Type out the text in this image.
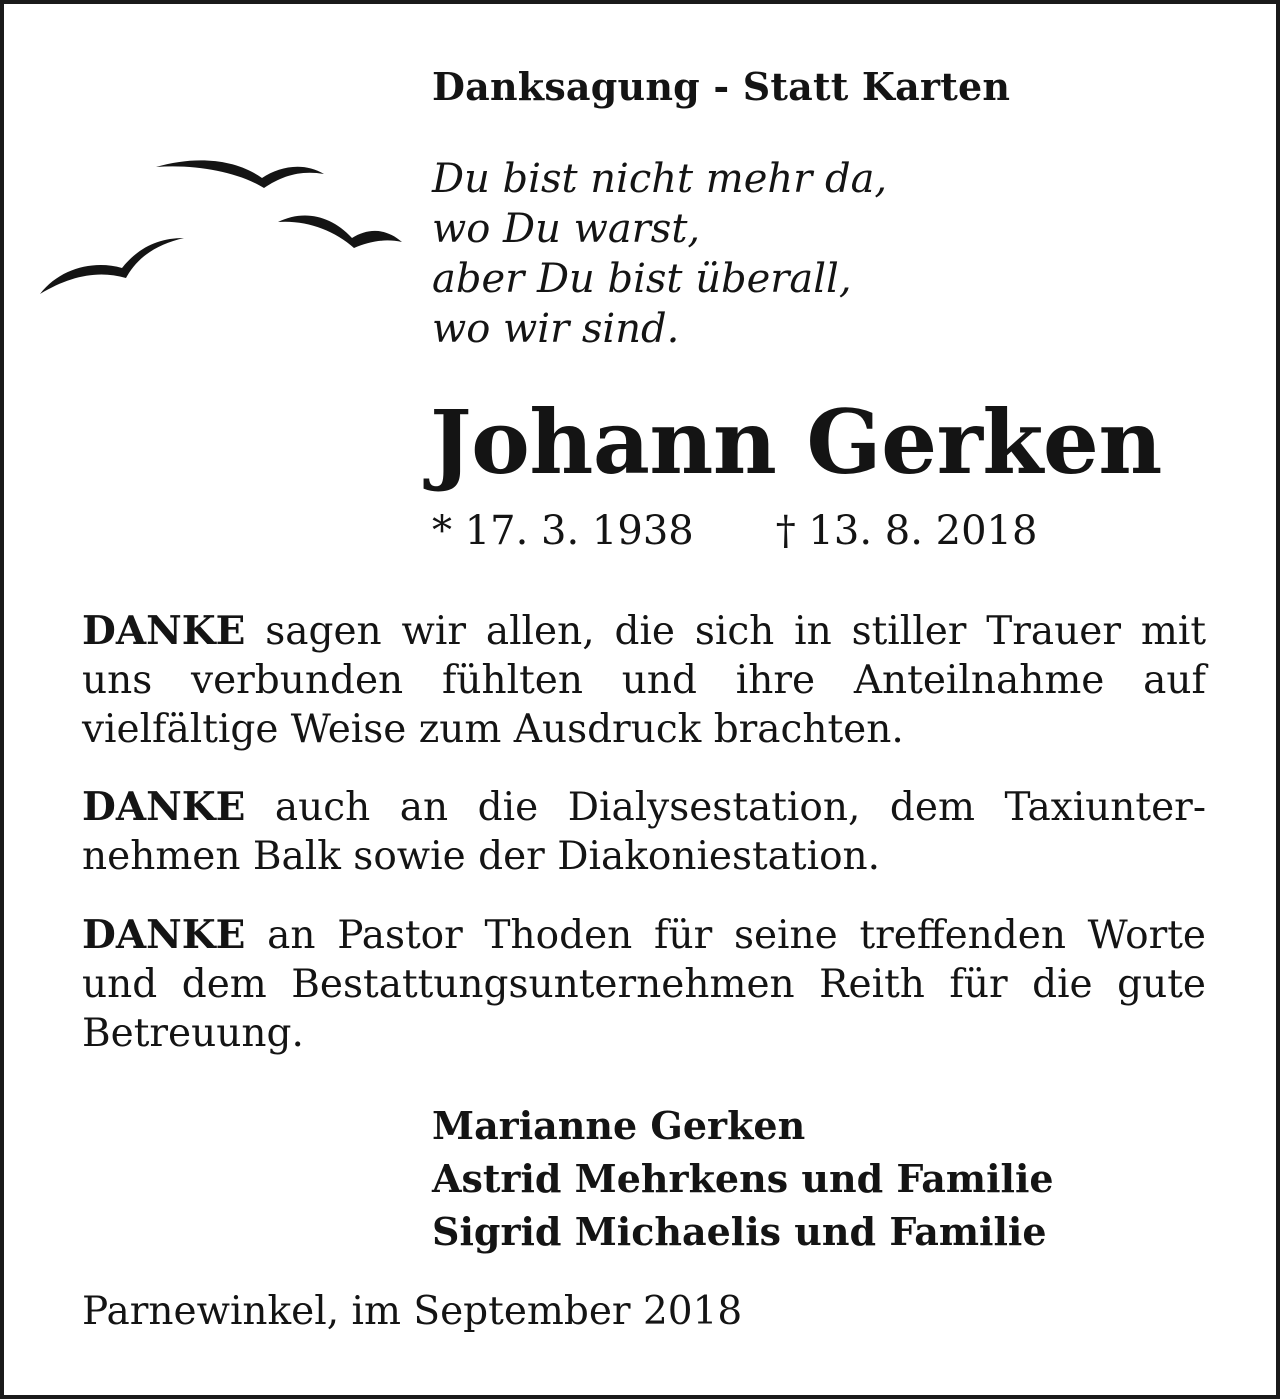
Danksagung - Statt Karten
Du bist nicht mehr da,
wo Du warst,
aber Du bist überall,
wo wir sind.
Johann Gerken
* 17. 3. 1938 † 13. 8. 2018

DANKE sagen wir allen, die sich in stiller Trauer mit uns verbunden fühlten und ihre Anteilnahme auf vielfältige Weise zum Ausdruck brachten.

DANKE auch an die Dialysestation, dem Taxiunternehmen Balk sowie der Diakoniestation.

DANKE an Pastor Thoden für seine treffenden Worte und dem Bestattungsunternehmen Reith für die gute Betreuung.

Marianne Gerken
Astrid Mehrkens und Familie
Sigrid Michaelis und Familie
Parnewinkel, im September 2018
